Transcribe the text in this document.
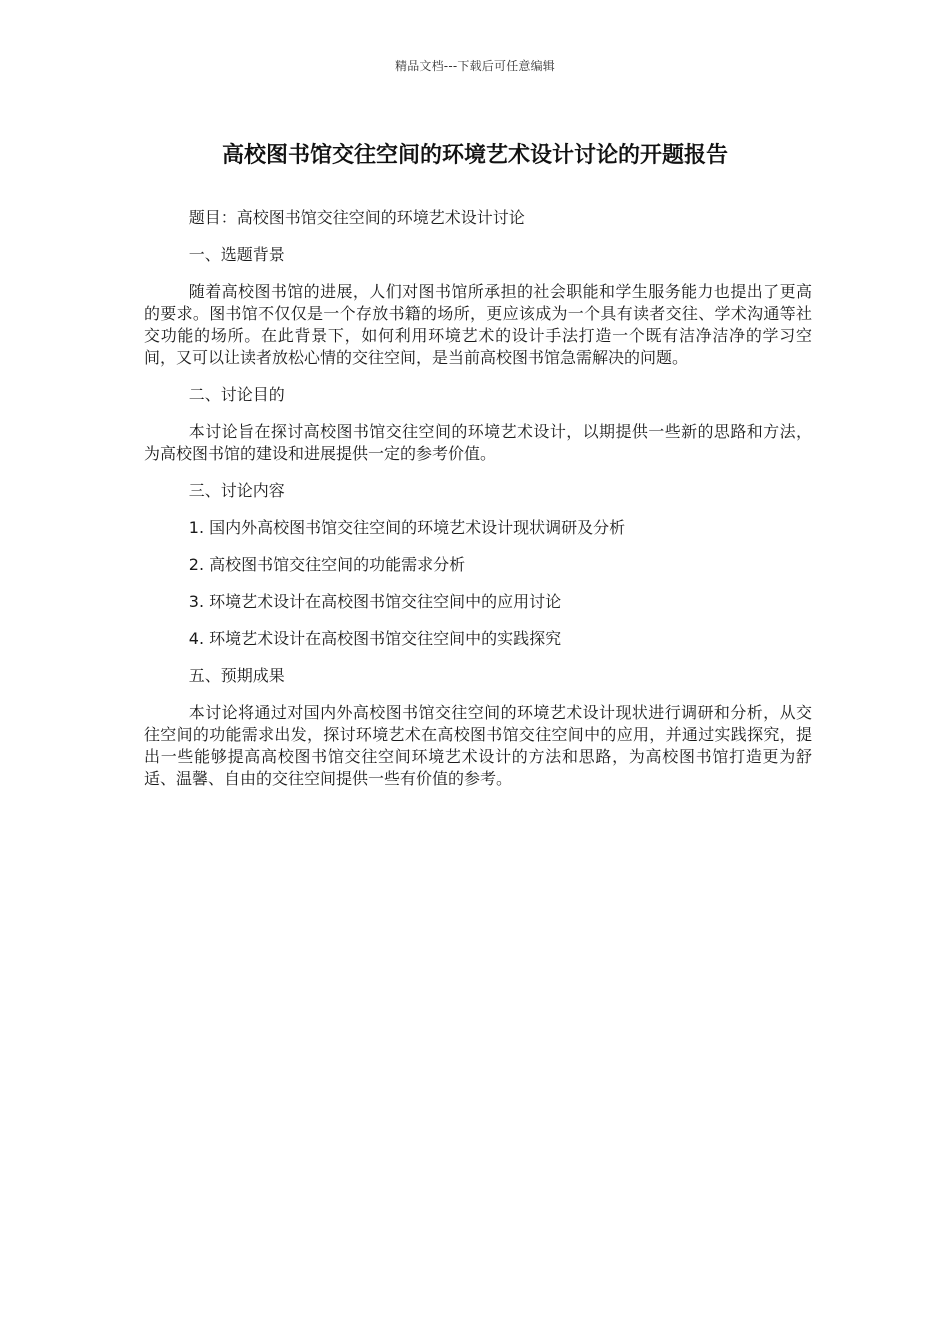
精品文档---下载后可任意编辑
高校图书馆交往空间的环境艺术设计讨论的开题报告

题目：高校图书馆交往空间的环境艺术设计讨论

一、选题背景

随着高校图书馆的进展，人们对图书馆所承担的社会职能和学生服务能力也提出了更高的要求。图书馆不仅仅是一个存放书籍的场所，更应该成为一个具有读者交往、学术沟通等社交功能的场所。在此背景下，如何利用环境艺术的设计手法打造一个既有洁净洁净的学习空间，又可以让读者放松心情的交往空间，是当前高校图书馆急需解决的问题。

二、讨论目的

本讨论旨在探讨高校图书馆交往空间的环境艺术设计，以期提供一些新的思路和方法，为高校图书馆的建设和进展提供一定的参考价值。

三、讨论内容

1. 国内外高校图书馆交往空间的环境艺术设计现状调研及分析

2. 高校图书馆交往空间的功能需求分析

3. 环境艺术设计在高校图书馆交往空间中的应用讨论

4. 环境艺术设计在高校图书馆交往空间中的实践探究

五、预期成果

本讨论将通过对国内外高校图书馆交往空间的环境艺术设计现状进行调研和分析，从交往空间的功能需求出发，探讨环境艺术在高校图书馆交往空间中的应用，并通过实践探究，提出一些能够提高高校图书馆交往空间环境艺术设计的方法和思路，为高校图书馆打造更为舒适、温馨、自由的交往空间提供一些有价值的参考。
